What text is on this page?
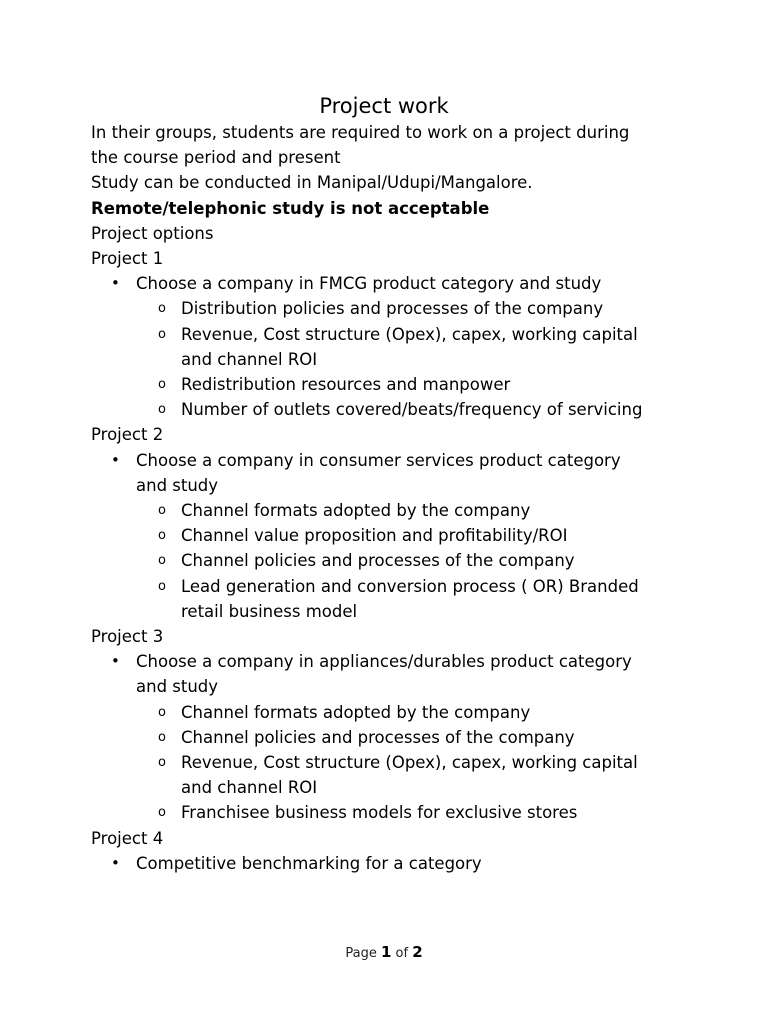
Project work
In their groups, students are required to work on a project during
the course period and present
Study can be conducted in Manipal/Udupi/Mangalore.
Remote/telephonic study is not acceptable
Project options
Project 1
• Choose a company in FMCG product category and study
o Distribution policies and processes of the company
o Revenue, Cost structure (Opex), capex, working capital
and channel ROI
o Redistribution resources and manpower
o Number of outlets covered/beats/frequency of servicing
Project 2
• Choose a company in consumer services product category
and study
o Channel formats adopted by the company
o Channel value proposition and profitability/ROI
o Channel policies and processes of the company
o Lead generation and conversion process ( OR) Branded
retail business model
Project 3
• Choose a company in appliances/durables product category
and study
o Channel formats adopted by the company
o Channel policies and processes of the company
o Revenue, Cost structure (Opex), capex, working capital
and channel ROI
o Franchisee business models for exclusive stores
Project 4
• Competitive benchmarking for a category
Page 1 of 2
